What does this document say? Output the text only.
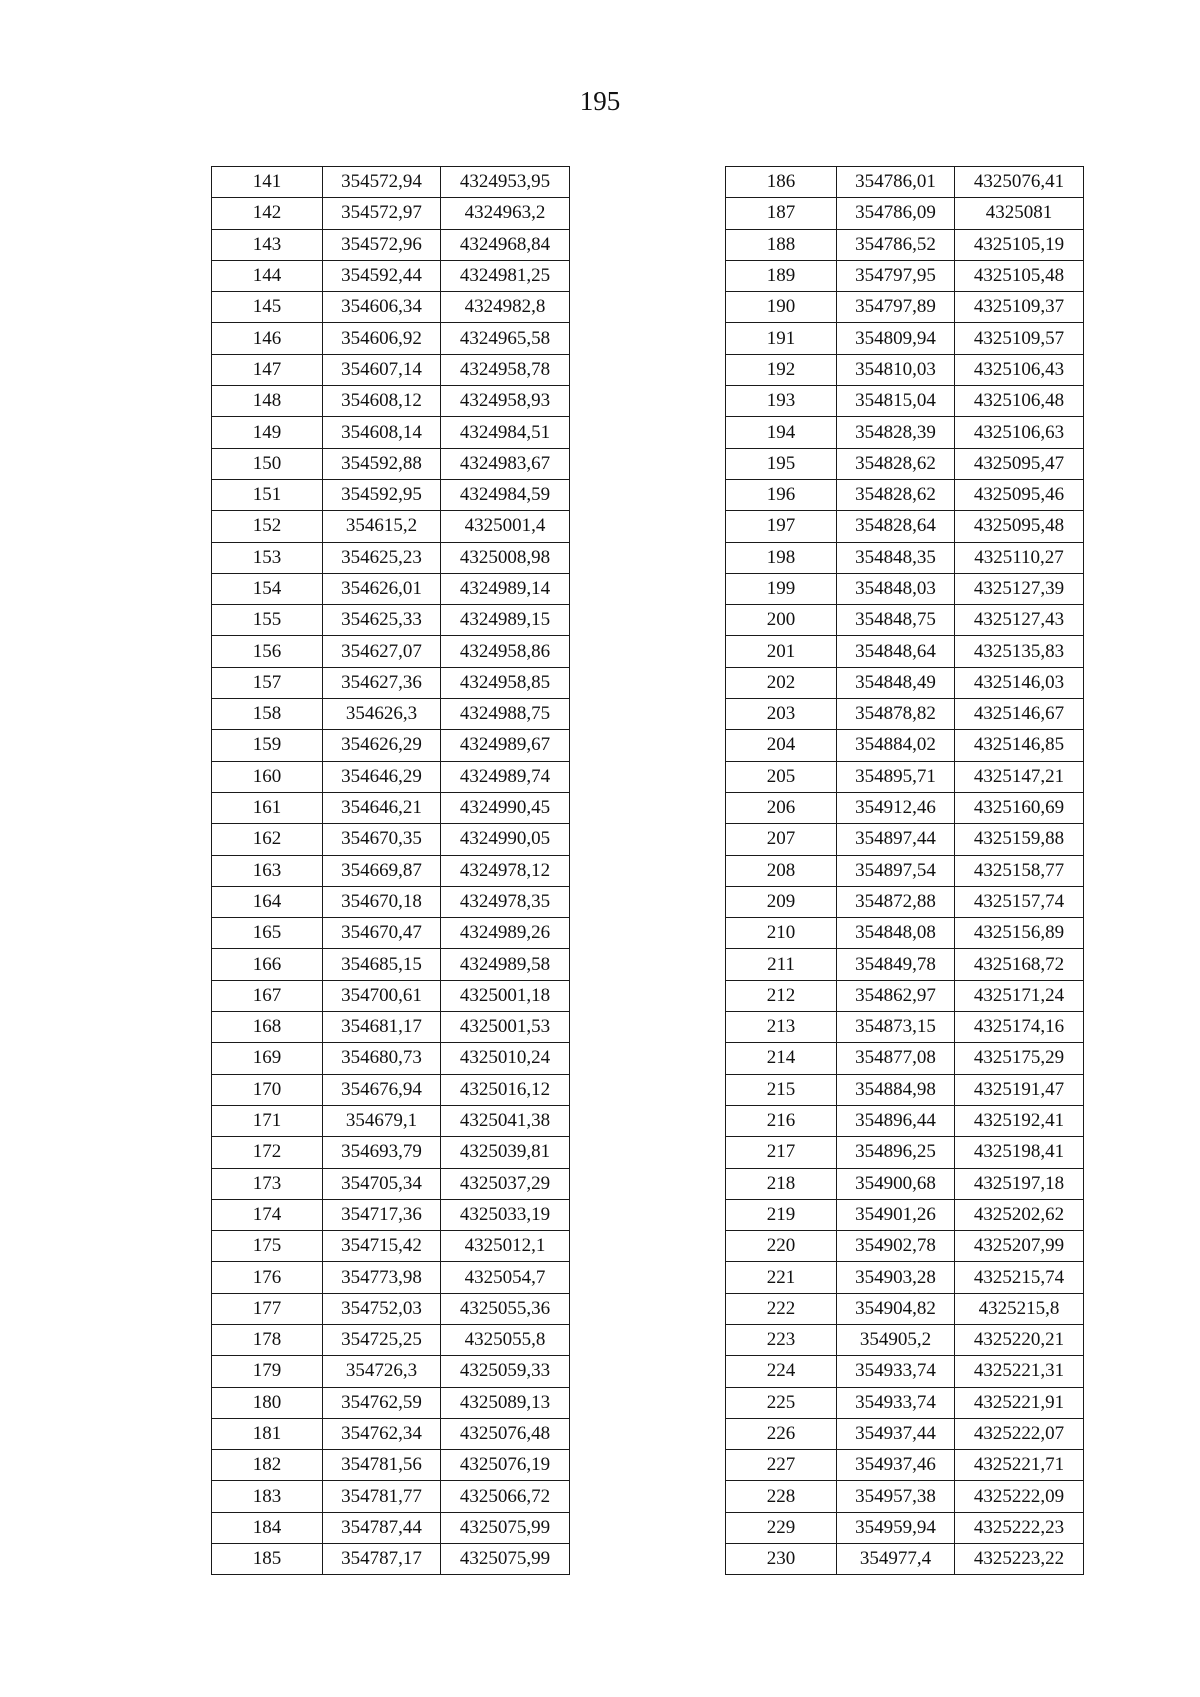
195
141	354572,94	4324953,95
142	354572,97	4324963,2
143	354572,96	4324968,84
144	354592,44	4324981,25
145	354606,34	4324982,8
146	354606,92	4324965,58
147	354607,14	4324958,78
148	354608,12	4324958,93
149	354608,14	4324984,51
150	354592,88	4324983,67
151	354592,95	4324984,59
152	354615,2	4325001,4
153	354625,23	4325008,98
154	354626,01	4324989,14
155	354625,33	4324989,15
156	354627,07	4324958,86
157	354627,36	4324958,85
158	354626,3	4324988,75
159	354626,29	4324989,67
160	354646,29	4324989,74
161	354646,21	4324990,45
162	354670,35	4324990,05
163	354669,87	4324978,12
164	354670,18	4324978,35
165	354670,47	4324989,26
166	354685,15	4324989,58
167	354700,61	4325001,18
168	354681,17	4325001,53
169	354680,73	4325010,24
170	354676,94	4325016,12
171	354679,1	4325041,38
172	354693,79	4325039,81
173	354705,34	4325037,29
174	354717,36	4325033,19
175	354715,42	4325012,1
176	354773,98	4325054,7
177	354752,03	4325055,36
178	354725,25	4325055,8
179	354726,3	4325059,33
180	354762,59	4325089,13
181	354762,34	4325076,48
182	354781,56	4325076,19
183	354781,77	4325066,72
184	354787,44	4325075,99
185	354787,17	4325075,99
186	354786,01	4325076,41
187	354786,09	4325081
188	354786,52	4325105,19
189	354797,95	4325105,48
190	354797,89	4325109,37
191	354809,94	4325109,57
192	354810,03	4325106,43
193	354815,04	4325106,48
194	354828,39	4325106,63
195	354828,62	4325095,47
196	354828,62	4325095,46
197	354828,64	4325095,48
198	354848,35	4325110,27
199	354848,03	4325127,39
200	354848,75	4325127,43
201	354848,64	4325135,83
202	354848,49	4325146,03
203	354878,82	4325146,67
204	354884,02	4325146,85
205	354895,71	4325147,21
206	354912,46	4325160,69
207	354897,44	4325159,88
208	354897,54	4325158,77
209	354872,88	4325157,74
210	354848,08	4325156,89
211	354849,78	4325168,72
212	354862,97	4325171,24
213	354873,15	4325174,16
214	354877,08	4325175,29
215	354884,98	4325191,47
216	354896,44	4325192,41
217	354896,25	4325198,41
218	354900,68	4325197,18
219	354901,26	4325202,62
220	354902,78	4325207,99
221	354903,28	4325215,74
222	354904,82	4325215,8
223	354905,2	4325220,21
224	354933,74	4325221,31
225	354933,74	4325221,91
226	354937,44	4325222,07
227	354937,46	4325221,71
228	354957,38	4325222,09
229	354959,94	4325222,23
230	354977,4	4325223,22
